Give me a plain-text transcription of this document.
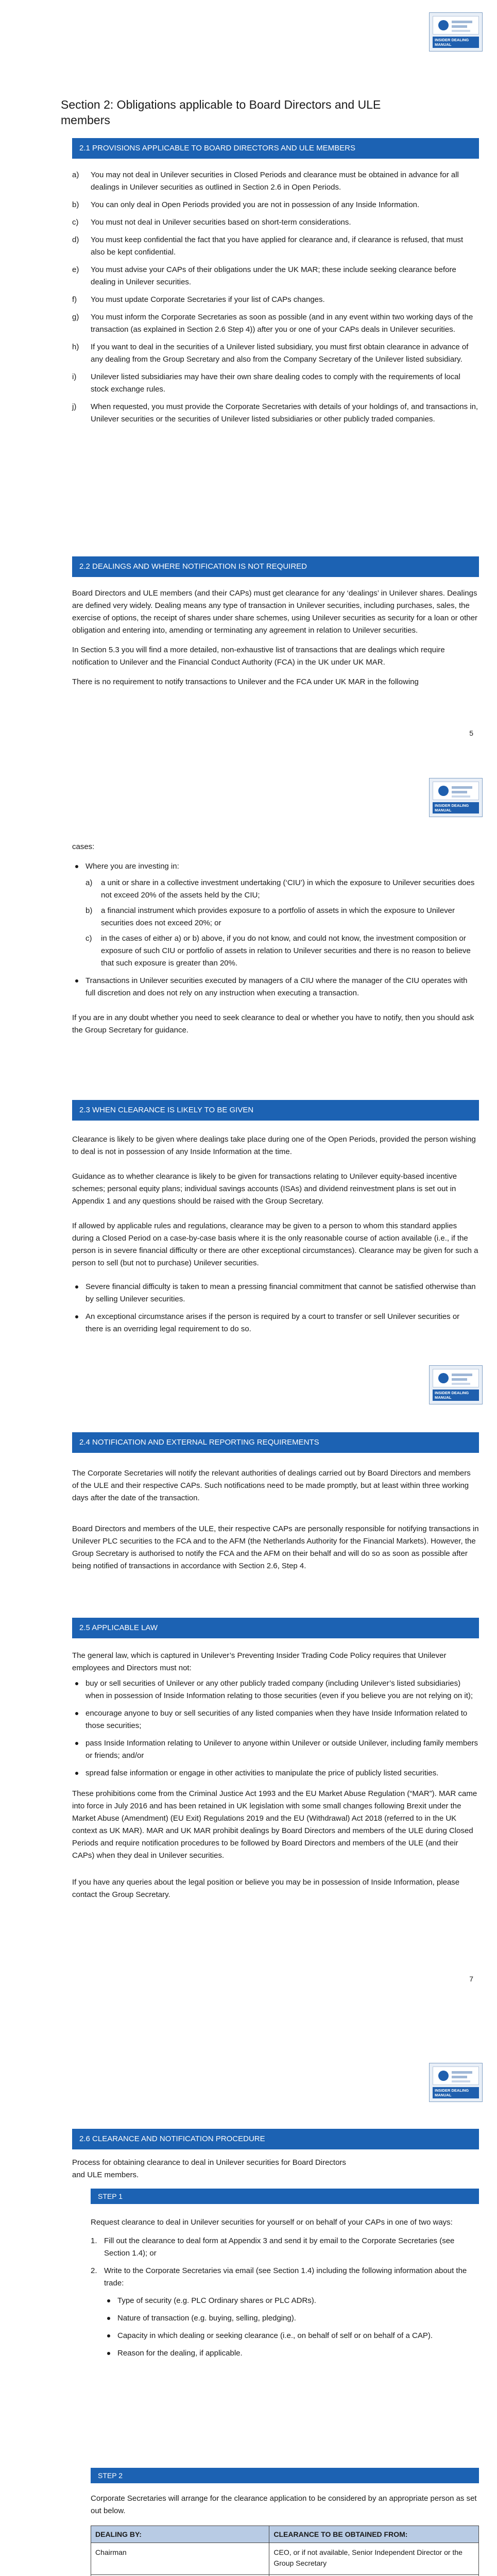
INSIDER DEALING MANUAL
Section 2: Obligations applicable to Board Directors and ULE members
2.1 PROVISIONS APPLICABLE TO BOARD DIRECTORS AND ULE MEMBERS
a)	You may not deal in Unilever securities in Closed Periods and clearance must be obtained in advance for all dealings in Unilever securities as outlined in Section 2.6 in Open Periods.
b)	You can only deal in Open Periods provided you are not in possession of any Inside Information.
c)	You must not deal in Unilever securities based on short-term considerations.
d)	You must keep confidential the fact that you have applied for clearance and, if clearance is refused, that must also be kept confidential.
e)	You must advise your CAPs of their obligations under the UK MAR; these include seeking clearance before dealing in Unilever securities.
f)	You must update Corporate Secretaries if your list of CAPs changes.
g)	You must inform the Corporate Secretaries as soon as possible (and in any event within two working days of the transaction (as explained in Section 2.6 Step 4)) after you or one of your CAPs deals in Unilever securities.
h)	If you want to deal in the securities of a Unilever listed subsidiary, you must first obtain clearance in advance of any dealing from the Group Secretary and also from the Company Secretary of the Unilever listed subsidiary.
i)	Unilever listed subsidiaries may have their own share dealing codes to comply with the requirements of local stock exchange rules.
j)	When requested, you must provide the Corporate Secretaries with details of your holdings of, and transactions in, Unilever securities or the securities of Unilever listed subsidiaries or other publicly traded companies.
2.2 DEALINGS AND WHERE NOTIFICATION IS NOT REQUIRED

Board Directors and ULE members (and their CAPs) must get clearance for any ‘dealings’ in Unilever shares. Dealings are defined very widely. Dealing means any type of transaction in Unilever securities, including purchases, sales, the exercise of options, the receipt of shares under share schemes, using Unilever securities as security for a loan or other obligation and entering into, amending or terminating any agreement in relation to Unilever securities.

In Section 5.3 you will find a more detailed, non-exhaustive list of transactions that are dealings which require notification to Unilever and the Financial Conduct Authority (FCA) in the UK under UK MAR.

There is no requirement to notify transactions to Unilever and the FCA under UK MAR in the following

5
INSIDER DEALING MANUAL

cases:

Where you are investing in:
a) a unit or share in a collective investment undertaking (‘CIU’) in which the exposure to Unilever securities does not exceed 20% of the assets held by the CIU;
b) a financial instrument which provides exposure to a portfolio of assets in which the exposure to Unilever securities does not exceed 20%; or
c) in the cases of either a) or b) above, if you do not know, and could not know, the investment composition or exposure of such CIU or portfolio of assets in relation to Unilever securities and there is no reason to believe that such exposure is greater than 20%.
Transactions in Unilever securities executed by managers of a CIU where the manager of the CIU operates with full discretion and does not rely on any instruction when executing a transaction.

If you are in any doubt whether you need to seek clearance to deal or whether you have to notify, then you should ask the Group Secretary for guidance.

2.3 WHEN CLEARANCE IS LIKELY TO BE GIVEN

Clearance is likely to be given where dealings take place during one of the Open Periods, provided the person wishing to deal is not in possession of any Inside Information at the time.

Guidance as to whether clearance is likely to be given for transactions relating to Unilever equity-based incentive schemes; personal equity plans; individual savings accounts (ISAs) and dividend reinvestment plans is set out in Appendix 1 and any questions should be raised with the Group Secretary.

If allowed by applicable rules and regulations, clearance may be given to a person to whom this standard applies during a Closed Period on a case-by-case basis where it is the only reasonable course of action available (i.e., if the person is in severe financial difficulty or there are other exceptional circumstances). Clearance may be given for such a person to sell (but not to purchase) Unilever securities.

Severe financial difficulty is taken to mean a pressing financial commitment that cannot be satisfied otherwise than by selling Unilever securities.
An exceptional circumstance arises if the person is required by a court to transfer or sell Unilever securities or there is an overriding legal requirement to do so.
INSIDER DEALING MANUAL
2.4 NOTIFICATION AND EXTERNAL REPORTING REQUIREMENTS

The Corporate Secretaries will notify the relevant authorities of dealings carried out by Board Directors and members of the ULE and their respective CAPs. Such notifications need to be made promptly, but at least within three working days after the date of the transaction.

Board Directors and members of the ULE, their respective CAPs are personally responsible for notifying transactions in Unilever PLC securities to the FCA and to the AFM (the Netherlands Authority for the Financial Markets). However, the Group Secretary is authorised to notify the FCA and the AFM on their behalf and will do so as soon as possible after being notified of transactions in accordance with Section 2.6, Step 4.

2.5 APPLICABLE LAW

The general law, which is captured in Unilever’s Preventing Insider Trading Code Policy requires that Unilever employees and Directors must not:

buy or sell securities of Unilever or any other publicly traded company (including Unilever’s listed subsidiaries) when in possession of Inside Information relating to those securities (even if you believe you are not relying on it);
encourage anyone to buy or sell securities of any listed companies when they have Inside Information related to those securities;
pass Inside Information relating to Unilever to anyone within Unilever or outside Unilever, including family members or friends; and/or
spread false information or engage in other activities to manipulate the price of publicly listed securities.

These prohibitions come from the Criminal Justice Act 1993 and the EU Market Abuse Regulation (“MAR”). MAR came into force in July 2016 and has been retained in UK legislation with some small changes following Brexit under the Market Abuse (Amendment) (EU Exit) Regulations 2019 and the EU (Withdrawal) Act 2018 (referred to in the UK context as UK MAR). MAR and UK MAR prohibit dealings by Board Directors and members of the ULE during Closed Periods and require notification procedures to be followed by Board Directors and members of the ULE (and their CAPs) when they deal in Unilever securities.

If you have any queries about the legal position or believe you may be in possession of Inside Information, please contact the Group Secretary.

7
INSIDER DEALING MANUAL
2.6 CLEARANCE AND NOTIFICATION PROCEDURE

Process for obtaining clearance to deal in Unilever securities for Board Directors and ULE members.

STEP 1

Request clearance to deal in Unilever securities for yourself or on behalf of your CAPs in one of two ways:

1. Fill out the clearance to deal form at Appendix 3 and send it by email to the Corporate Secretaries (see Section 1.4); or
2. Write to the Corporate Secretaries via email (see Section 1.4) including the following information about the trade:
Type of security (e.g. PLC Ordinary shares or PLC ADRs).
Nature of transaction (e.g. buying, selling, pledging).
Capacity in which dealing or seeking clearance (i.e., on behalf of self or on behalf of a CAP).
Reason for the dealing, if applicable.
STEP 2

Corporate Secretaries will arrange for the clearance application to be considered by an appropriate person as set out below.

DEALING BY:	CLEARANCE TO BE OBTAINED FROM:
Chairman	CEO, or if not available, Senior Independent Director or the Group Secretary
